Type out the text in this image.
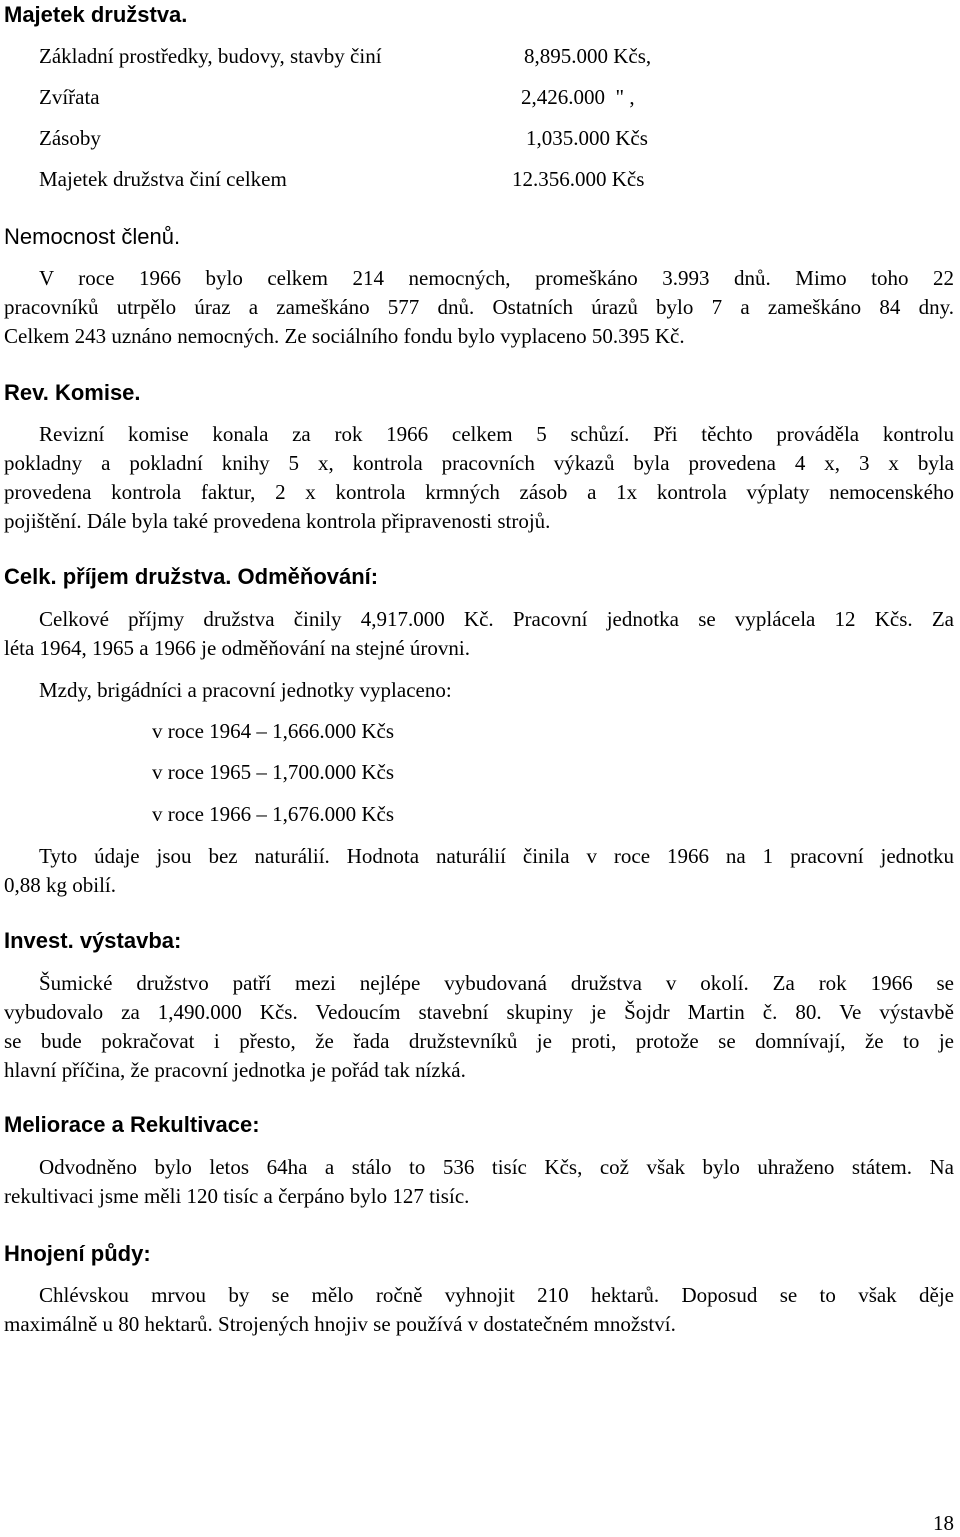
Majetek družstva.
Základní prostředky, budovy, stavby činí	8,895.000 Kčs,
Zvířata	2,426.000  " ,
Zásoby	1,035.000 Kčs
Majetek družstva činí celkem	12.356.000 Kčs
Nemocnost členů.
V roce 1966 bylo celkem 214 nemocných, promeškáno 3.993 dnů. Mimo toho 22
pracovníků utrpělo úraz a zameškáno 577 dnů. Ostatních úrazů bylo 7 a zameškáno 84 dny.
Celkem 243 uznáno nemocných. Ze sociálního fondu bylo vyplaceno 50.395 Kč.
Rev. Komise.
Revizní komise konala za rok 1966 celkem 5 schůzí. Při těchto prováděla kontrolu
pokladny a pokladní knihy 5 x, kontrola pracovních výkazů byla provedena 4 x, 3 x byla
provedena kontrola faktur, 2 x kontrola krmných zásob a 1x kontrola výplaty nemocenského
pojištění. Dále byla také provedena kontrola připravenosti strojů.
Celk. příjem družstva. Odměňování:
Celkové příjmy družstva činily 4,917.000 Kč. Pracovní jednotka se vyplácela 12 Kčs. Za
léta 1964, 1965 a 1966 je odměňování na stejné úrovni.
Mzdy, brigádníci a pracovní jednotky vyplaceno:
v roce 1964 – 1,666.000 Kčs
v roce 1965 – 1,700.000 Kčs
v roce 1966 – 1,676.000 Kčs
Tyto údaje jsou bez naturálií. Hodnota naturálií činila v roce 1966 na 1 pracovní jednotku
0,88 kg obilí.
Invest. výstavba:
Šumické družstvo patří mezi nejlépe vybudovaná družstva v okolí. Za rok 1966 se
vybudovalo za 1,490.000 Kčs. Vedoucím stavební skupiny je Šojdr Martin č. 80. Ve výstavbě
se bude pokračovat i přesto, že řada družstevníků je proti, protože se domnívají, že to je
hlavní příčina, že pracovní jednotka je pořád tak nízká.
Meliorace a Rekultivace:
Odvodněno bylo letos 64ha a stálo to 536 tisíc Kčs, což však bylo uhraženo státem. Na
rekultivaci jsme měli 120 tisíc a čerpáno bylo 127 tisíc.
Hnojení půdy:
Chlévskou mrvou by se mělo ročně vyhnojit 210 hektarů. Doposud se to však děje
maximálně u 80 hektarů. Strojených hnojiv se používá v dostatečném množství.
18
